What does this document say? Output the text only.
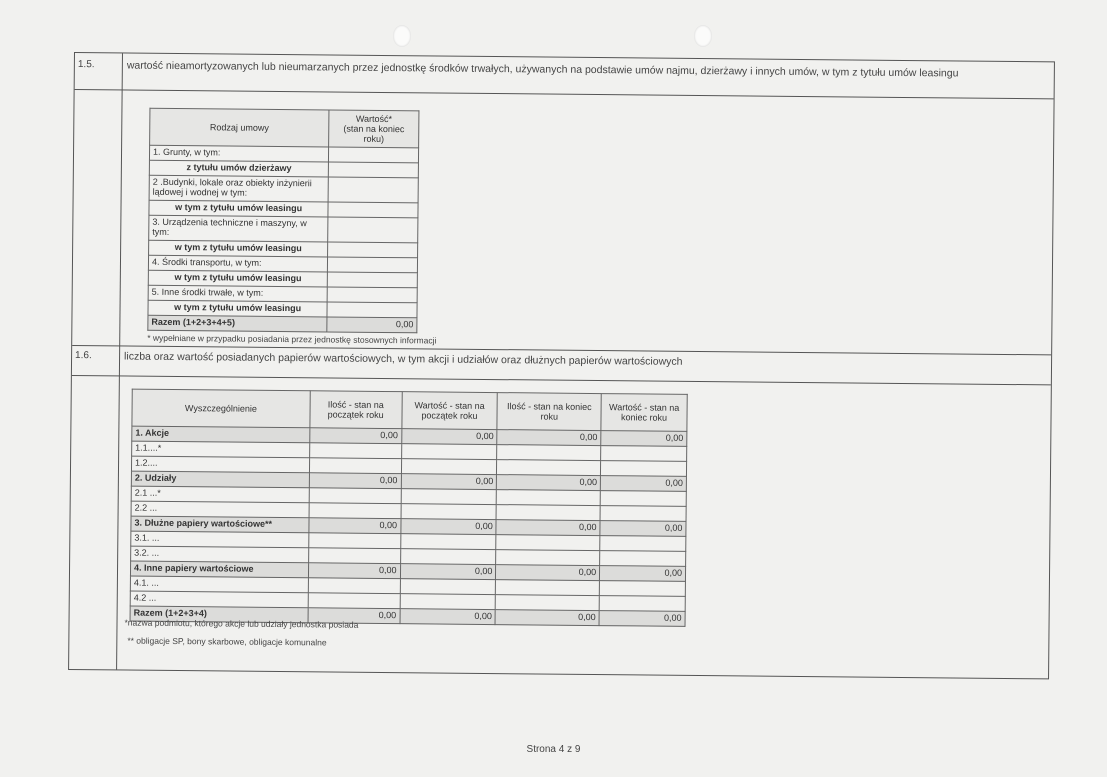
1.5.	wartość nieamortyzowanych lub nieumarzanych przez jednostkę środków trwałych, używanych na podstawie umów najmu, dzierżawy i innych umów, w tym z tytułu umów leasingu
Rodzaj umowy	Wartość*
(stan na koniec roku)
1. Grunty, w tym:	
z tytułu umów dzierżawy	
2 .Budynki, lokale oraz obiekty inżynierii lądowej i wodnej w tym:	
w tym z tytułu umów leasingu	
3. Urządzenia techniczne i maszyny, w tym:	
w tym z tytułu umów leasingu	
4. Środki transportu, w tym:	
w tym z tytułu umów leasingu	
5. Inne środki trwałe, w tym:	
w tym z tytułu umów leasingu	
Razem (1+2+3+4+5)	0,00
* wypełniane w przypadku posiadania przez jednostkę stosownych informacji
1.6.	liczba oraz wartość posiadanych papierów wartościowych, w tym akcji i udziałów oraz dłużnych papierów wartościowych
Wyszczególnienie	Ilość - stan na początek roku	Wartość - stan na początek roku	Ilość - stan na koniec roku	Wartość - stan na koniec roku
1. Akcje	0,00	0,00	0,00	0,00
1.1....*				
1.2....				
2. Udziały	0,00	0,00	0,00	0,00
2.1 ...*				
2.2 ...				
3. Dłużne papiery wartościowe**	0,00	0,00	0,00	0,00
3.1. ...				
3.2. ...				
4. Inne papiery wartościowe	0,00	0,00	0,00	0,00
4.1. ...				
4.2 ...				
Razem (1+2+3+4)	0,00	0,00	0,00	0,00
*nazwa podmiotu, którego akcje lub udziały jednostka posiada
** obligacje SP, bony skarbowe, obligacje komunalne
Strona 4 z 9
